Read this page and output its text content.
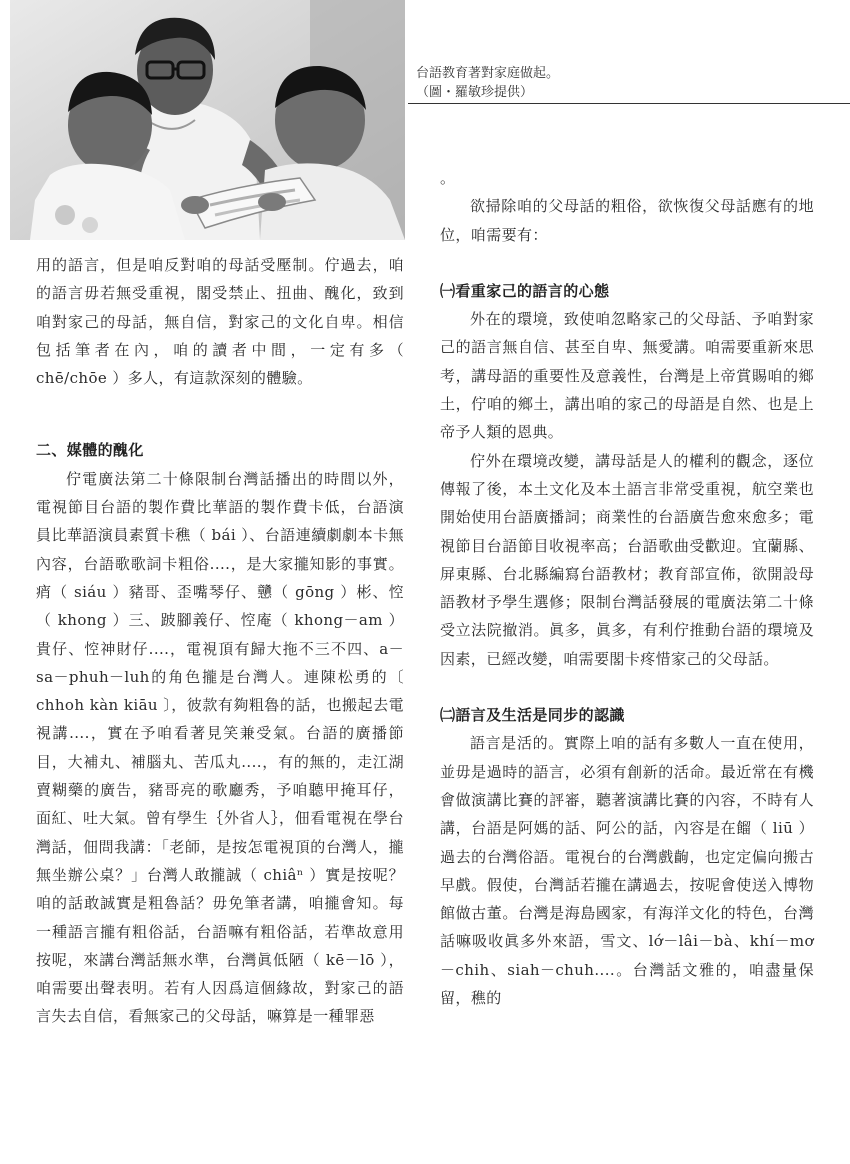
台語教育著對家庭做起。
（圖・羅敏珍提供）

用的語言，但是咱反對咱的母話受壓制。佇過去，咱的語言毋若無受重視，閣受禁止、扭曲、醜化，致到咱對家己的母話，無自信，對家己的文化自卑。相信包括筆者在內，咱的讀者中間，一定有多（ chē/chōe ）多人，有這款深刻的體驗。

二、媒體的醜化

佇電廣法第二十條限制台灣話播出的時間以外，電視節目台語的製作費比華語的製作費卡低，台語演員比華語演員素質卡穛（ bái ）、台語連續劇劇本卡無內容，台語歌歌詞卡粗俗....，是大家攏知影的事實。痟（ siáu ）豬哥、歪嘴琴仔、戇（ gōng ）彬、悾（ khong ）三、跛腳義仔、悾庵（ khong－am ）貴仔、悾神財仔....，電視頂有歸大拖不三不四、a－sa－phuh－luh的角色攏是台灣人。連陳松勇的〔 chhoh kàn kiāu 〕，彼款有夠粗魯的話，也搬起去電視講....，實在予咱看著見笑兼受氣。台語的廣播節目，大補丸、補腦丸、苦瓜丸....，有的無的，走江湖賣糊藥的廣告，豬哥亮的歌廳秀，予咱聽甲掩耳仔，面紅、吐大氣。曾有學生｛外省人｝，佃看電視在學台灣話，佃問我講：「老師，是按怎電視頂的台灣人，攏無坐辦公桌？」台灣人敢攏誠（ chiâⁿ ）實是按呢？咱的話敢誠實是粗魯話？毋免筆者講，咱攏會知。每一種語言攏有粗俗話，台語嘛有粗俗話，若準故意用按呢，來講台灣話無水準，台灣眞低陋（ kē－lō ），咱需要出聲表明。若有人因爲這個緣故，對家己的語言失去自信，看無家己的父母話，嘛算是一種罪惡

。

欲掃除咱的父母話的粗俗，欲恢復父母話應有的地位，咱需要有：

㈠看重家己的語言的心態

外在的環境，致使咱忽略家己的父母話、予咱對家己的語言無自信、甚至自卑、無愛講。咱需要重新來思考，講母語的重要性及意義性，台灣是上帝賞賜咱的鄉土，佇咱的鄉土，講出咱的家己的母語是自然、也是上帝予人類的恩典。

佇外在環境改變，講母話是人的權利的觀念，逐位傳報了後，本土文化及本土語言非常受重視，航空業也開始使用台語廣播詞；商業性的台語廣告愈來愈多；電視節目台語節目收視率高；台語歌曲受歡迎。宜蘭縣、屏東縣、台北縣編寫台語教材；教育部宣佈，欲開設母語教材予學生選修；限制台灣話發展的電廣法第二十條受立法院撤消。眞多，眞多，有利佇推動台語的環境及因素，已經改變，咱需要閣卡疼惜家己的父母話。

㈡語言及生活是同步的認識

語言是活的。實際上咱的話有多數人一直在使用，並毋是過時的語言，必須有創新的活命。最近常在有機會做演講比賽的評審，聽著演講比賽的內容，不時有人講，台語是阿媽的話、阿公的話，內容是在餾（ liū ）過去的台灣俗語。電視台的台灣戲齣，也定定偏向搬古早戲。假使，台灣話若攏在講過去，按呢會使送入博物館做古董。台灣是海島國家，有海洋文化的特色，台灣話嘛吸收眞多外來語，雪文、lớ－lâi－bà、khí－mơ－chih、siah－chuh....。台灣話文雅的，咱盡量保留，穛的
